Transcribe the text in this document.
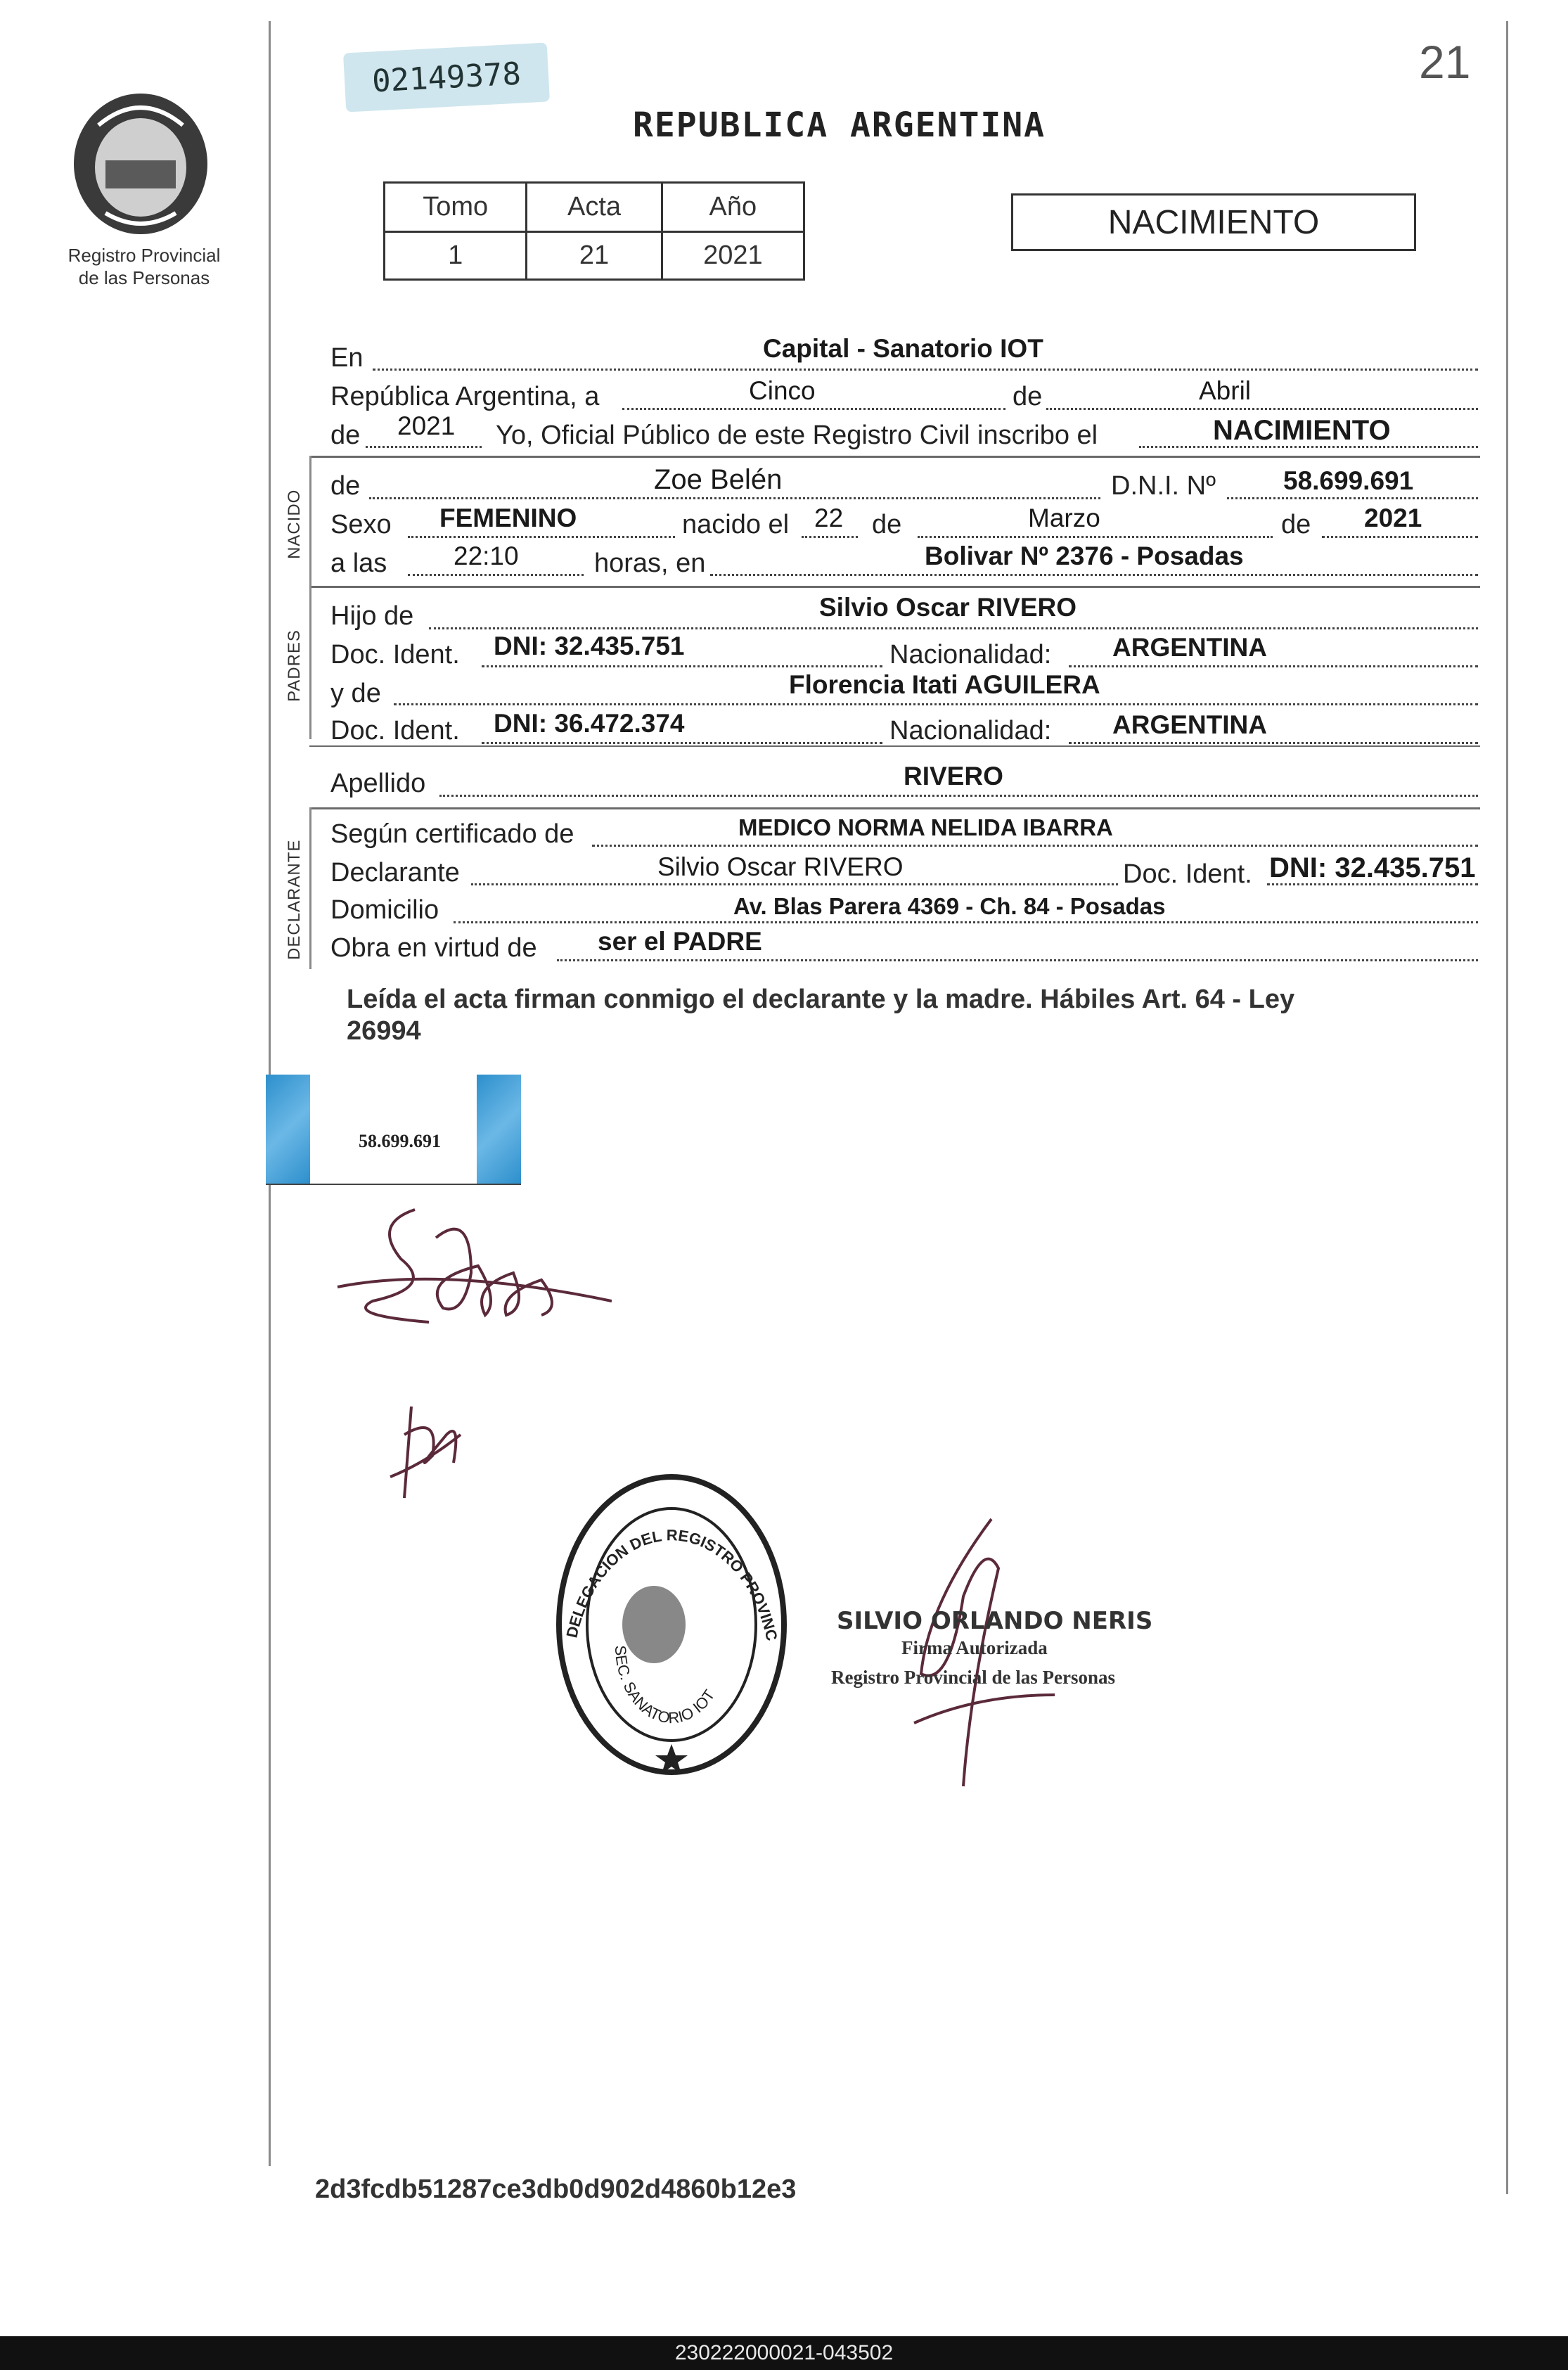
Registro Provincial
de las Personas
02149378	21
REPUBLICA ARGENTINA
Tomo	Acta	Año
1	21	2021
NACIMIENTO
En	Capital - Sanatorio IOT
República Argentina, a	Cinco	de	Abril
de 2021 Yo, Oficial Público de este Registro Civil inscribo el	NACIMIENTO
NACIDO
de	Zoe Belén	D.N.I. Nº	58.699.691
Sexo FEMENINO	nacido el 22 de	Marzo	de 2021
a las	22:10	horas, en	Bolivar Nº 2376 - Posadas
PADRES
Hijo de	Silvio Oscar RIVERO
Doc. Ident. DNI: 32.435.751	Nacionalidad: ARGENTINA
y de	Florencia Itati AGUILERA
Doc. Ident. DNI: 36.472.374	Nacionalidad: ARGENTINA
Apellido	RIVERO
DECLARANTE
Según certificado de	MEDICO NORMA NELIDA IBARRA
Declarante	Silvio Oscar RIVERO	Doc. Ident. DNI: 32.435.751
Domicilio	Av. Blas Parera 4369 - Ch. 84 - Posadas
Obra en virtud de ser el PADRE
Leída el acta firman conmigo el declarante y la madre. Hábiles Art. 64 - Ley
26994
58.699.691
DELEGACION DEL REGISTRO PROVINC
SEC. SANATORIO IOT
SILVIO ORLANDO NERIS
Firma Autorizada
Registro Provincial de las Personas
2d3fcdb51287ce3db0d902d4860b12e3
230222000021-043502
